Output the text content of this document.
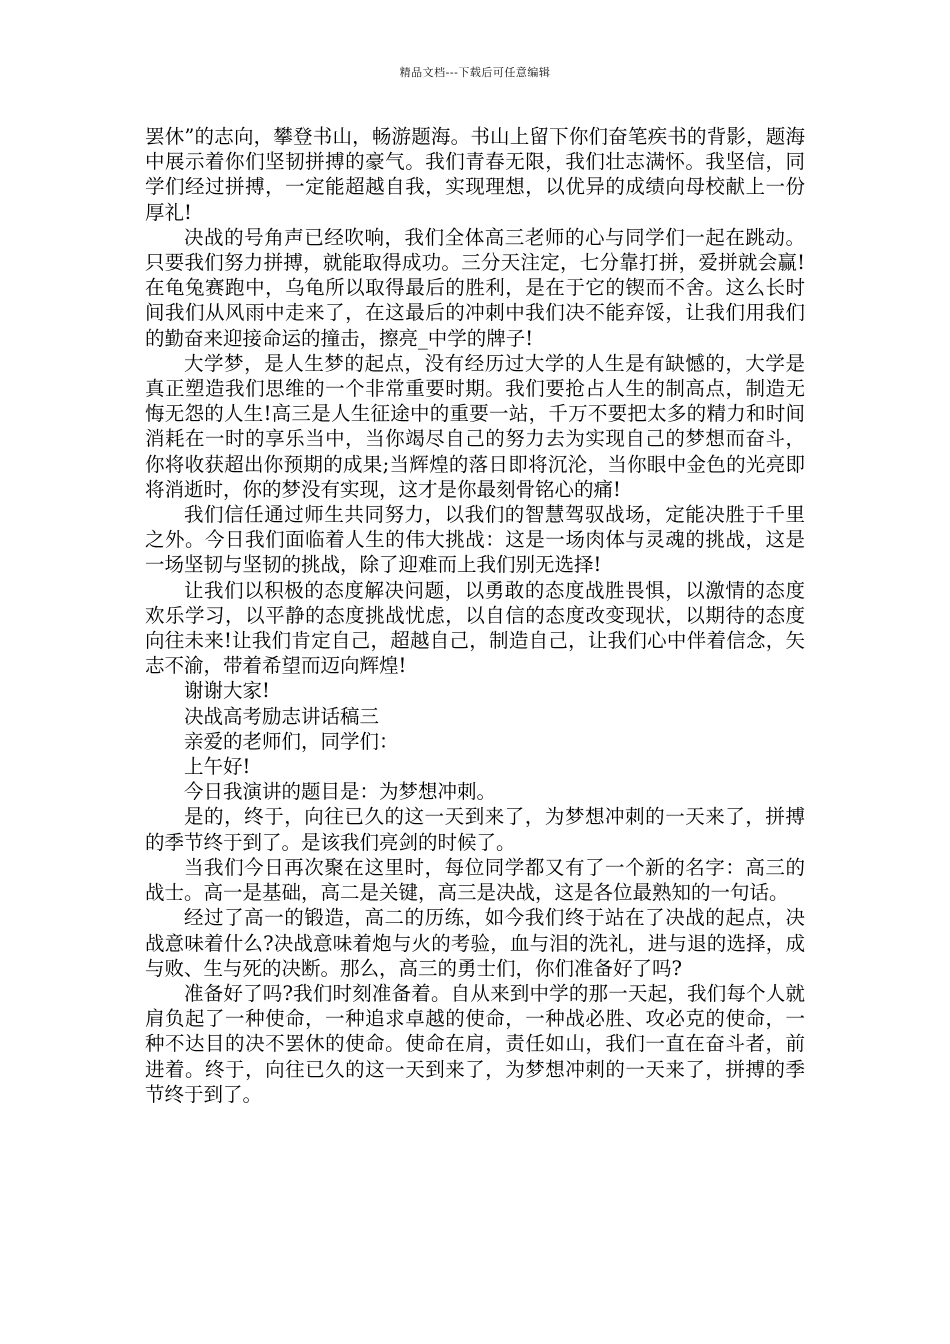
精品文档---下载后可任意编辑

罢休”的志向，攀登书山，畅游题海。书山上留下你们奋笔疾书的背影，题海中展示着你们坚韧拼搏的豪气。我们青春无限，我们壮志满怀。我坚信，同学们经过拼搏，一定能超越自我，实现理想，以优异的成绩向母校献上一份厚礼!

决战的号角声已经吹响，我们全体高三老师的心与同学们一起在跳动。只要我们努力拼搏，就能取得成功。三分天注定，七分靠打拼，爱拼就会赢!在龟兔赛跑中，乌龟所以取得最后的胜利，是在于它的锲而不舍。这么长时间我们从风雨中走来了，在这最后的冲刺中我们决不能弃馁，让我们用我们的勤奋来迎接命运的撞击，擦亮_中学的牌子!

大学梦，是人生梦的起点，没有经历过大学的人生是有缺憾的，大学是真正塑造我们思维的一个非常重要时期。我们要抢占人生的制高点，制造无悔无怨的人生!高三是人生征途中的重要一站，千万不要把太多的精力和时间消耗在一时的享乐当中，当你竭尽自己的努力去为实现自己的梦想而奋斗，你将收获超出你预期的成果;当辉煌的落日即将沉沦，当你眼中金色的光亮即将消逝时，你的梦没有实现，这才是你最刻骨铭心的痛!

我们信任通过师生共同努力，以我们的智慧驾驭战场，定能决胜于千里之外。今日我们面临着人生的伟大挑战：这是一场肉体与灵魂的挑战，这是一场坚韧与坚韧的挑战，除了迎难而上我们别无选择!

让我们以积极的态度解决问题，以勇敢的态度战胜畏惧，以激情的态度欢乐学习，以平静的态度挑战忧虑，以自信的态度改变现状，以期待的态度向往未来!让我们肯定自己，超越自己，制造自己，让我们心中伴着信念，矢志不渝，带着希望而迈向辉煌!

谢谢大家!

决战高考励志讲话稿三

亲爱的老师们，同学们：

上午好!

今日我演讲的题目是：为梦想冲刺。

是的，终于，向往已久的这一天到来了，为梦想冲刺的一天来了，拼搏的季节终于到了。是该我们亮剑的时候了。

当我们今日再次聚在这里时，每位同学都又有了一个新的名字：高三的战士。高一是基础，高二是关键，高三是决战，这是各位最熟知的一句话。

经过了高一的锻造，高二的历练，如今我们终于站在了决战的起点，决战意味着什么?决战意味着炮与火的考验，血与泪的洗礼，进与退的选择，成与败、生与死的决断。那么，高三的勇士们，你们准备好了吗?

准备好了吗?我们时刻准备着。自从来到中学的那一天起，我们每个人就肩负起了一种使命，一种追求卓越的使命，一种战必胜、攻必克的使命，一种不达目的决不罢休的使命。使命在肩，责任如山，我们一直在奋斗者，前进着。终于，向往已久的这一天到来了，为梦想冲刺的一天来了，拼搏的季节终于到了。
